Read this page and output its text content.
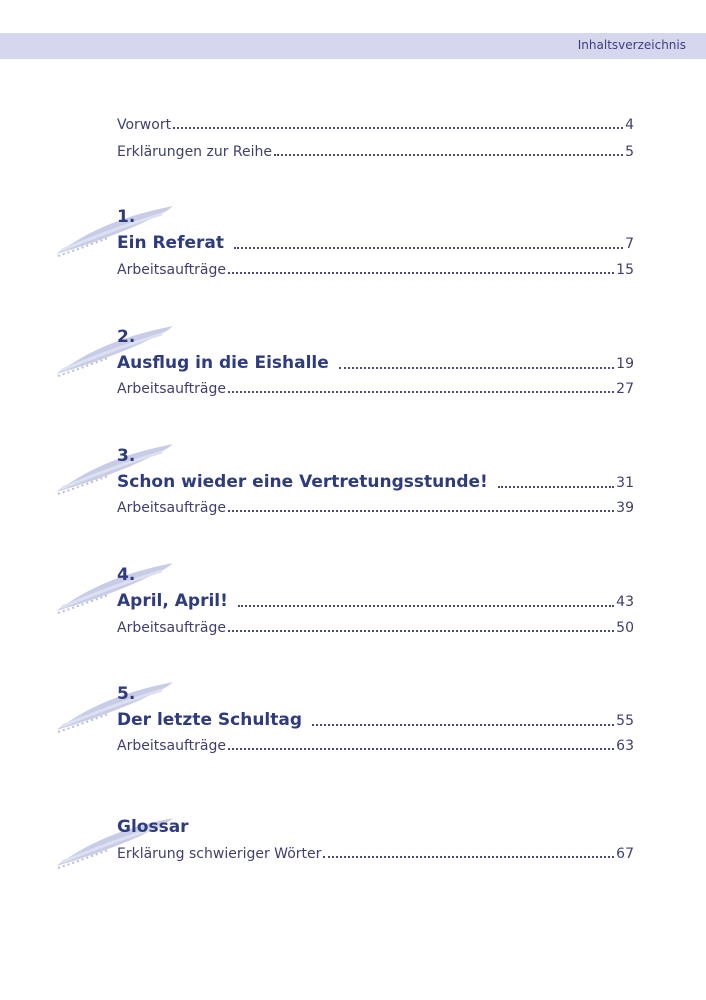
Inhaltsverzeichnis
Vorwort	4
Erklärungen zur Reihe	5
1.
Ein Referat	7
Arbeitsaufträge	15
2.
Ausflug in die Eishalle	19
Arbeitsaufträge	27
3.
Schon wieder eine Vertretungsstunde!	31
Arbeitsaufträge	39
4.
April, April!	43
Arbeitsaufträge	50
5.
Der letzte Schultag	55
Arbeitsaufträge	63
Glossar
Erklärung schwieriger Wörter	67
